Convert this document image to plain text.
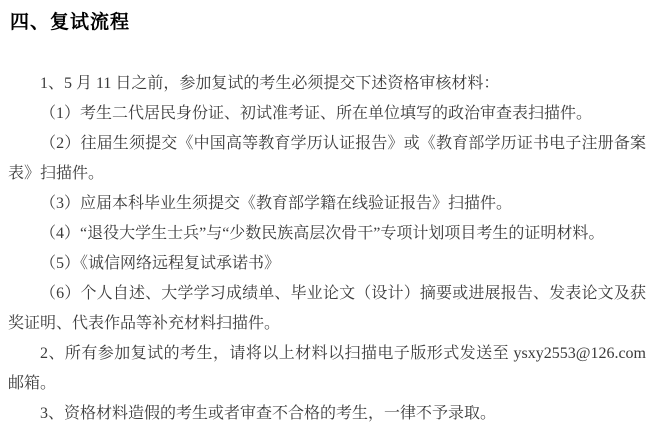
四、复试流程

1、5 月 11 日之前，参加复试的考生必须提交下述资格审核材料：

（1）考生二代居民身份证、初试准考证、所在单位填写的政治审查表扫描件。

（2）往届生须提交《中国高等教育学历认证报告》或《教育部学历证书电子注册备案表》扫描件。

（3）应届本科毕业生须提交《教育部学籍在线验证报告》扫描件。

（4）“退役大学生士兵”与“少数民族高层次骨干”专项计划项目考生的证明材料。

（5）《诚信网络远程复试承诺书》

（6）个人自述、大学学习成绩单、毕业论文（设计）摘要或进展报告、发表论文及获奖证明、代表作品等补充材料扫描件。

2、所有参加复试的考生，请将以上材料以扫描电子版形式发送至 ysxy2553@126.com 邮箱。

3、资格材料造假的考生或者审查不合格的考生，一律不予录取。
